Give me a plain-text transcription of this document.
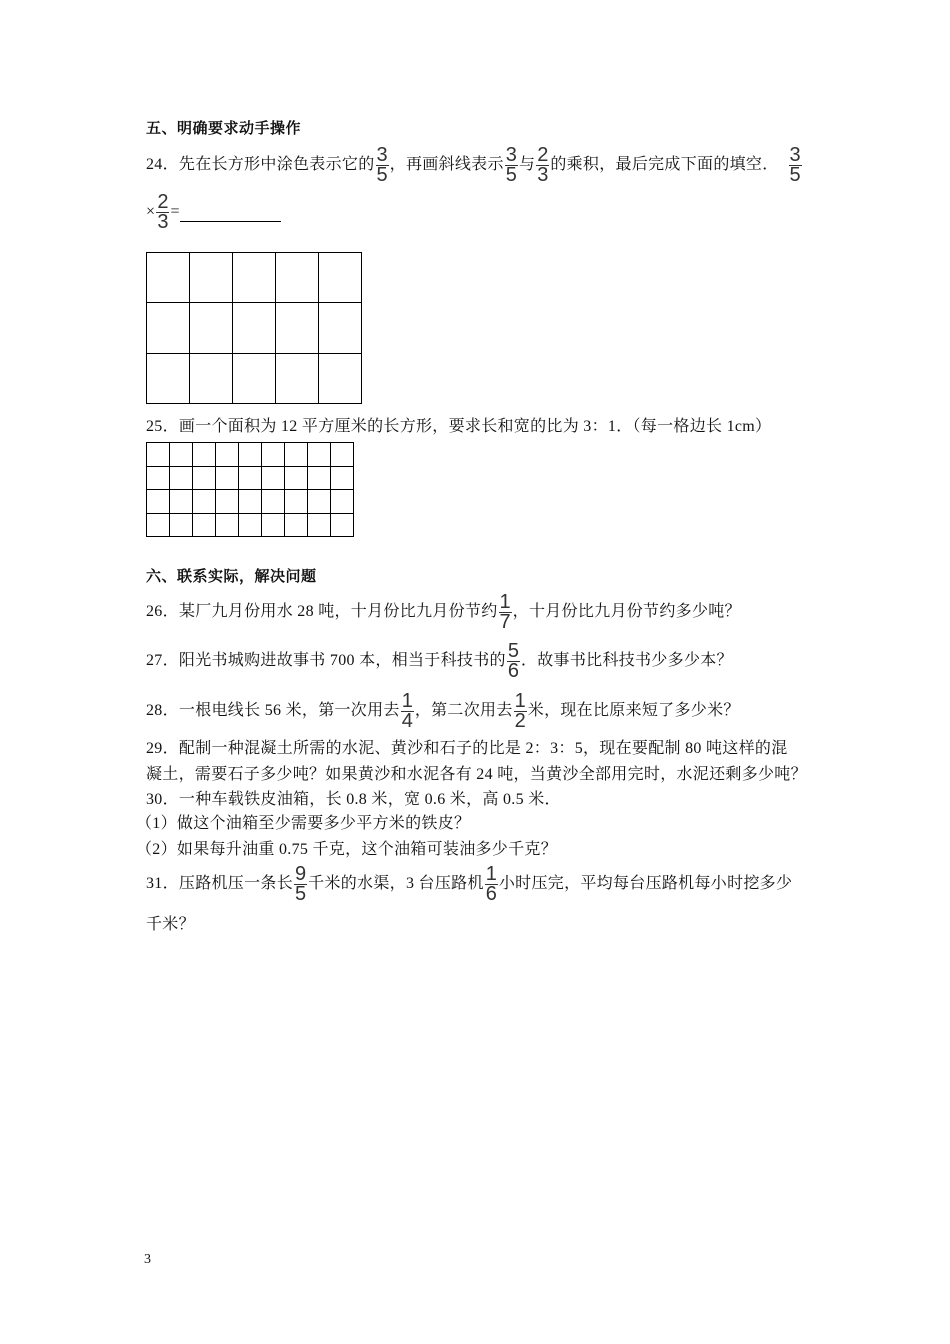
五、明确要求动手操作
24．先在长方形中涂色表示它的 $\frac{3}{5}$ ，再画斜线表示 $\frac{3}{5}$ 与 $\frac{2}{3}$ 的乘积，最后完成下面的填空． $\frac{3}{5}$
× $\frac{2}{3}$ =
25．画一个面积为 12 平方厘米的长方形，要求长和宽的比为 3：1．（每一格边长 1cm）
六、联系实际，解决问题
26．某厂九月份用水 28 吨，十月份比九月份节约 $\frac{1}{7}$ ，十月份比九月份节约多少吨？
27．阳光书城购进故事书 700 本，相当于科技书的 $\frac{5}{6}$ ．故事书比科技书少多少本？
28．一根电线长 56 米，第一次用去 $\frac{1}{4}$ ，第二次用去 $\frac{1}{2}$ 米，现在比原来短了多少米？
29．配制一种混凝土所需的水泥、黄沙和石子的比是 2：3：5，现在要配制 80 吨这样的混
凝土，需要石子多少吨？如果黄沙和水泥各有 24 吨，当黄沙全部用完时，水泥还剩多少吨？
30．一种车载铁皮油箱，长 0.8 米，宽 0.6 米，高 0.5 米．
（1）做这个油箱至少需要多少平方米的铁皮？
（2）如果每升油重 0.75 千克，这个油箱可装油多少千克？
31．压路机压一条长 $\frac{9}{5}$ 千米的水渠，3 台压路机 $\frac{1}{6}$ 小时压完，平均每台压路机每小时挖多少
千米？
3
